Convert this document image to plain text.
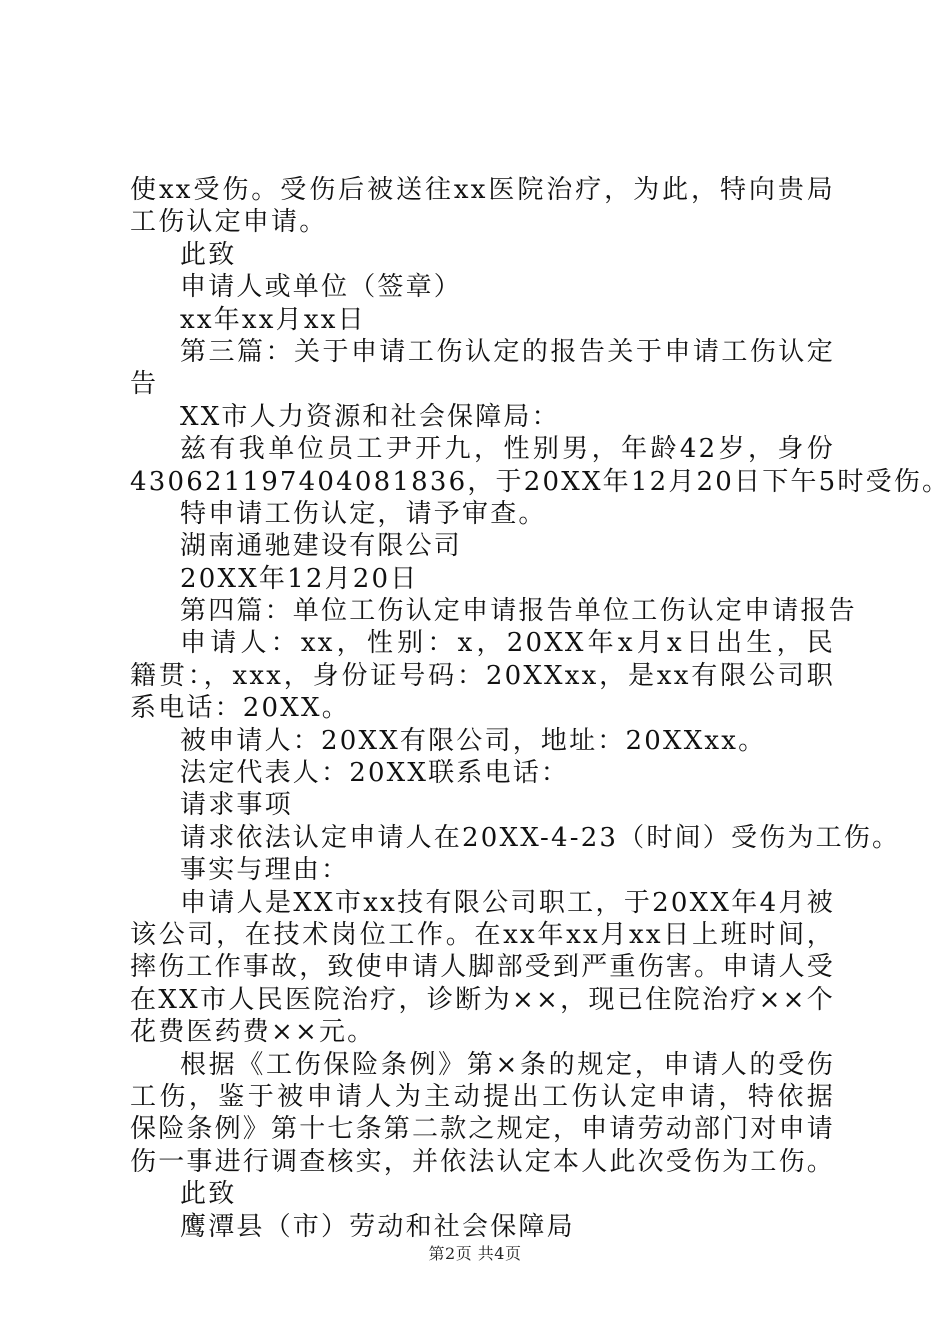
使xx受伤。受伤后被送往xx医院治疗，为此，特向贵局
工伤认定申请。
此致
申请人或单位（签章）
xx年xx月xx日
第三篇：关于申请工伤认定的报告关于申请工伤认定
告
XX市人力资源和社会保障局：
兹有我单位员工尹开九，性别男，年龄42岁，身份
430621197404081836，于20XX年12月20日下午5时受伤。
特申请工伤认定，请予审查。
湖南通驰建设有限公司
20XX年12月20日
第四篇：单位工伤认定申请报告单位工伤认定申请报告
申请人：xx，性别：x，20XX年x月x日出生，民
籍贯：，xxx，身份证号码：20XXxx，是xx有限公司职
系电话：20XX。
被申请人：20XX有限公司，地址：20XXxx。
法定代表人：20XX联系电话：
请求事项
请求依法认定申请人在20XX-4-23（时间）受伤为工伤。
事实与理由：
申请人是XX市xx技有限公司职工，于20XX年4月被
该公司，在技术岗位工作。在xx年xx月xx日上班时间，
摔伤工作事故，致使申请人脚部受到严重伤害。申请人受
在XX市人民医院治疗，诊断为××，现已住院治疗××个
花费医药费××元。
根据《工伤保险条例》第×条的规定，申请人的受伤
工伤，鉴于被申请人为主动提出工伤认定申请，特依据
保险条例》第十七条第二款之规定，申请劳动部门对申请
伤一事进行调查核实，并依法认定本人此次受伤为工伤。
此致
鹰潭县（市）劳动和社会保障局
第2页 共4页
